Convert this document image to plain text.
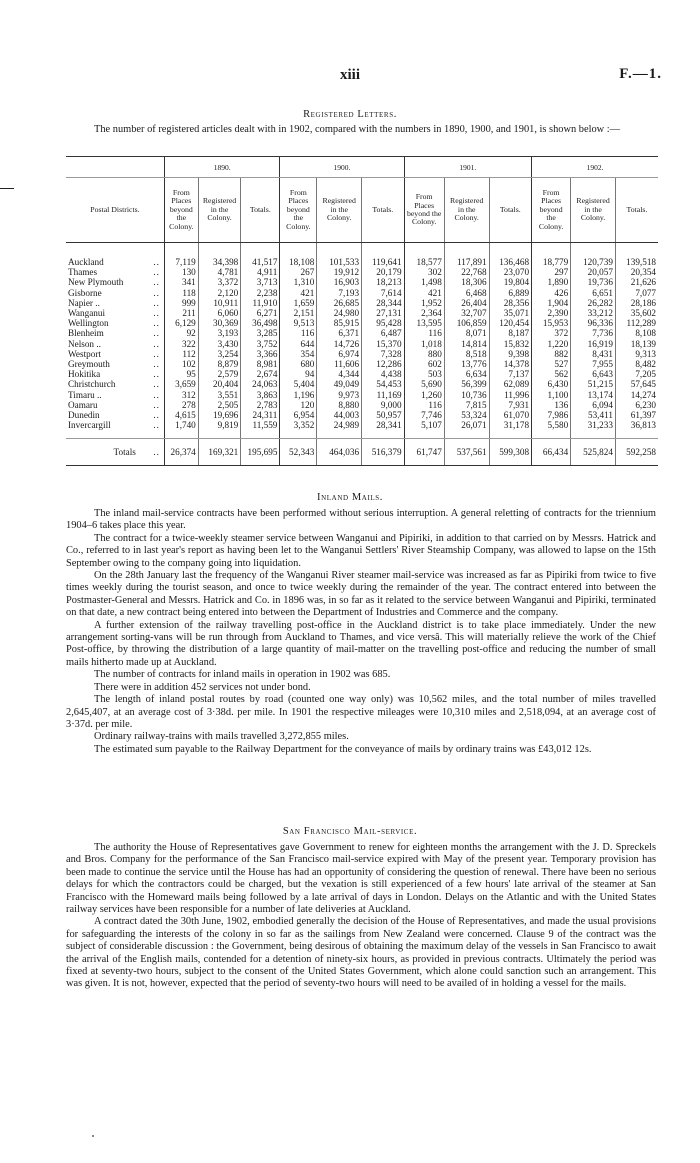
xiii	F.—1.
Registered Letters.

The number of registered articles dealt with in 1902, compared with the numbers in 1890, 1900, and 1901, is shown below :—

	1890.			1900.			1901.			1902.		
Postal Districts.	From Places beyond the Colony.	Registered in the Colony.	Totals.	From Places beyond the Colony.	Registered in the Colony.	Totals.	From Places beyond the Colony.	Registered in the Colony.	Totals.	From Places beyond the Colony.	Registered in the Colony.	Totals.
Auckland ..	7,119	34,398	41,517	18,108	101,533	119,641	18,577	117,891	136,468	18,779	120,739	139,518
Thames ..	130	4,781	4,911	267	19,912	20,179	302	22,768	23,070	297	20,057	20,354
New Plymouth ..	341	3,372	3,713	1,310	16,903	18,213	1,498	18,306	19,804	1,890	19,736	21,626
Gisborne ..	118	2,120	2,238	421	7,193	7,614	421	6,468	6,889	426	6,651	7,077
Napier .. ..	999	10,911	11,910	1,659	26,685	28,344	1,952	26,404	28,356	1,904	26,282	28,186
Wanganui ..	211	6,060	6,271	2,151	24,980	27,131	2,364	32,707	35,071	2,390	33,212	35,602
Wellington ..	6,129	30,369	36,498	9,513	85,915	95,428	13,595	106,859	120,454	15,953	96,336	112,289
Blenheim ..	92	3,193	3,285	116	6,371	6,487	116	8,071	8,187	372	7,736	8,108
Nelson .. ..	322	3,430	3,752	644	14,726	15,370	1,018	14,814	15,832	1,220	16,919	18,139
Westport ..	112	3,254	3,366	354	6,974	7,328	880	8,518	9,398	882	8,431	9,313
Greymouth ..	102	8,879	8,981	680	11,606	12,286	602	13,776	14,378	527	7,955	8,482
Hokitika ..	95	2,579	2,674	94	4,344	4,438	503	6,634	7,137	562	6,643	7,205
Christchurch ..	3,659	20,404	24,063	5,404	49,049	54,453	5,690	56,399	62,089	6,430	51,215	57,645
Timaru .. ..	312	3,551	3,863	1,196	9,973	11,169	1,260	10,736	11,996	1,100	13,174	14,274
Oamaru ..	278	2,505	2,783	120	8,880	9,000	116	7,815	7,931	136	6,094	6,230
Dunedin ..	4,615	19,696	24,311	6,954	44,003	50,957	7,746	53,324	61,070	7,986	53,411	61,397
Invercargill ..	1,740	9,819	11,559	3,352	24,989	28,341	5,107	26,071	31,178	5,580	31,233	36,813
Totals ..	26,374	169,321	195,695	52,343	464,036	516,379	61,747	537,561	599,308	66,434	525,824	592,258
Inland Mails.

The inland mail-service contracts have been performed without serious interruption. A general reletting of contracts for the triennium 1904–6 takes place this year.

The contract for a twice-weekly steamer service between Wanganui and Pipiriki, in addition to that carried on by Messrs. Hatrick and Co., referred to in last year's report as having been let to the Wanganui Settlers' River Steamship Company, was allowed to lapse on the 15th September owing to the company going into liquidation.

On the 28th January last the frequency of the Wanganui River steamer mail-service was increased as far as Pipiriki from twice to five times weekly during the tourist season, and once to twice weekly during the remainder of the year. The contract entered into between the Postmaster-General and Messrs. Hatrick and Co. in 1896 was, in so far as it related to the service between Wanganui and Pipiriki, terminated on that date, a new contract being entered into between the Department of Industries and Commerce and the company.

A further extension of the railway travelling post-office in the Auckland district is to take place immediately. Under the new arrangement sorting-vans will be run through from Auckland to Thames, and vice versâ. This will materially relieve the work of the Chief Post-office, by throwing the distribution of a large quantity of mail-matter on the travelling post-office and reducing the number of small mails hitherto made up at Auckland.

The number of contracts for inland mails in operation in 1902 was 685.

There were in addition 452 services not under bond.

The length of inland postal routes by road (counted one way only) was 10,562 miles, and the total number of miles travelled 2,645,407, at an average cost of 3·38d. per mile. In 1901 the respective mileages were 10,310 miles and 2,518,094, at an average cost of 3·37d. per mile.

Ordinary railway-trains with mails travelled 3,272,855 miles.

The estimated sum payable to the Railway Department for the conveyance of mails by ordinary trains was £43,012 12s.

San Francisco Mail-service.

The authority the House of Representatives gave Government to renew for eighteen months the arrangement with the J. D. Spreckels and Bros. Company for the performance of the San Francisco mail-service expired with May of the present year. Temporary provision has been made to continue the service until the House has had an opportunity of considering the question of renewal. There have been no serious delays for which the contractors could be charged, but the vexation is still experienced of a few hours' late arrival of the steamer at San Francisco with the Homeward mails being followed by a late arrival of days in London. Delays on the Atlantic and with the United States railway services have been responsible for a number of late deliveries at Auckland.

A contract dated the 30th June, 1902, embodied generally the decision of the House of Representatives, and made the usual provisions for safeguarding the interests of the colony in so far as the sailings from New Zealand were concerned. Clause 9 of the contract was the subject of considerable discussion : the Government, being desirous of obtaining the maximum delay of the vessels in San Francisco to await the arrival of the English mails, contended for a detention of ninety-six hours, as provided in previous contracts. Ultimately the period was fixed at seventy-two hours, subject to the consent of the United States Government, which alone could sanction such an arrangement. This was given. It is not, however, expected that the period of seventy-two hours will need to be availed of in holding a vessel for the mails.
